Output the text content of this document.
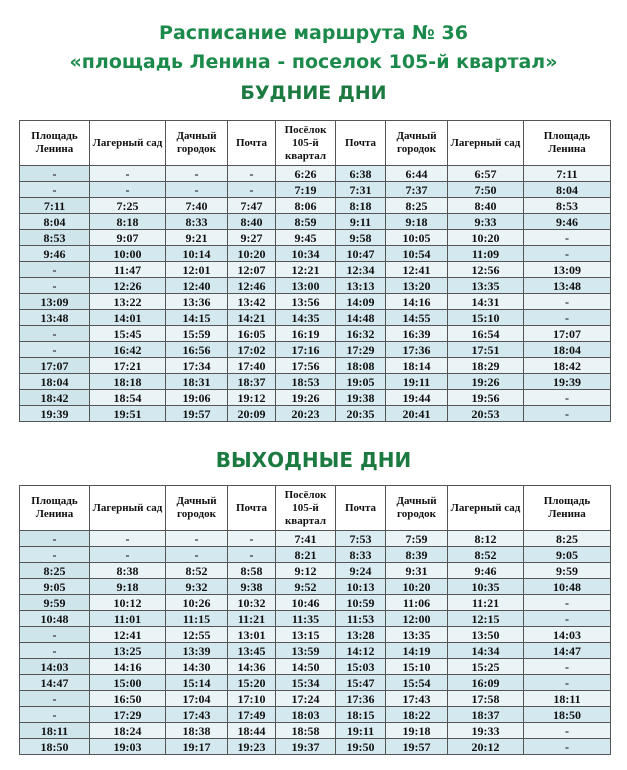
Расписание маршрута № 36
«площадь Ленина - поселок 105-й квартал»
БУДНИЕ ДНИ
Площадь Ленина	Лагерный сад	Дачный городок	Почта	Посёлок 105-й квартал	Почта	Дачный городок	Лагерный сад	Площадь Ленина
-	-	-	-	6:26	6:38	6:44	6:57	7:11
-	-	-	-	7:19	7:31	7:37	7:50	8:04
7:11	7:25	7:40	7:47	8:06	8:18	8:25	8:40	8:53
8:04	8:18	8:33	8:40	8:59	9:11	9:18	9:33	9:46
8:53	9:07	9:21	9:27	9:45	9:58	10:05	10:20	-
9:46	10:00	10:14	10:20	10:34	10:47	10:54	11:09	-
-	11:47	12:01	12:07	12:21	12:34	12:41	12:56	13:09
-	12:26	12:40	12:46	13:00	13:13	13:20	13:35	13:48
13:09	13:22	13:36	13:42	13:56	14:09	14:16	14:31	-
13:48	14:01	14:15	14:21	14:35	14:48	14:55	15:10	-
-	15:45	15:59	16:05	16:19	16:32	16:39	16:54	17:07
-	16:42	16:56	17:02	17:16	17:29	17:36	17:51	18:04
17:07	17:21	17:34	17:40	17:56	18:08	18:14	18:29	18:42
18:04	18:18	18:31	18:37	18:53	19:05	19:11	19:26	19:39
18:42	18:54	19:06	19:12	19:26	19:38	19:44	19:56	-
19:39	19:51	19:57	20:09	20:23	20:35	20:41	20:53	-
ВЫХОДНЫЕ ДНИ
Площадь Ленина	Лагерный сад	Дачный городок	Почта	Посёлок 105-й квартал	Почта	Дачный городок	Лагерный сад	Площадь Ленина
-	-	-	-	7:41	7:53	7:59	8:12	8:25
-	-	-	-	8:21	8:33	8:39	8:52	9:05
8:25	8:38	8:52	8:58	9:12	9:24	9:31	9:46	9:59
9:05	9:18	9:32	9:38	9:52	10:13	10:20	10:35	10:48
9:59	10:12	10:26	10:32	10:46	10:59	11:06	11:21	-
10:48	11:01	11:15	11:21	11:35	11:53	12:00	12:15	-
-	12:41	12:55	13:01	13:15	13:28	13:35	13:50	14:03
-	13:25	13:39	13:45	13:59	14:12	14:19	14:34	14:47
14:03	14:16	14:30	14:36	14:50	15:03	15:10	15:25	-
14:47	15:00	15:14	15:20	15:34	15:47	15:54	16:09	-
-	16:50	17:04	17:10	17:24	17:36	17:43	17:58	18:11
-	17:29	17:43	17:49	18:03	18:15	18:22	18:37	18:50
18:11	18:24	18:38	18:44	18:58	19:11	19:18	19:33	-
18:50	19:03	19:17	19:23	19:37	19:50	19:57	20:12	-
